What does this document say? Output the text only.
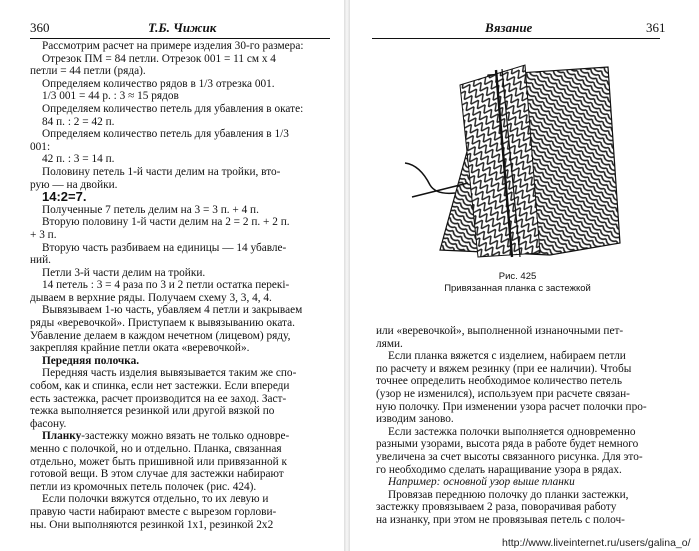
360	Т.Б. Чижик
Рассмотрим расчет на примере изделия 30-го размера:
Отрезок ПМ = 84 петли. Отрезок 001 = 11 см х 4
петли = 44 петли (ряда).
Определяем количество рядов в 1/3 отрезка 001.
1/3 001 = 44 р. : 3 ≈ 15 рядов
Определяем количество петель для убавления в окате:
84 п. : 2 = 42 п.
Определяем количество петель для убавления в 1/3
001:
42 п. : 3 = 14 п.
Половину петель 1-й части делим на тройки, вто-
рую — на двойки.
14:2=7.
Полученные 7 петель делим на 3 = 3 п. + 4 п.
Вторую половину 1-й части делим на 2 = 2 п. + 2 п.
+ 3 п.
Вторую часть разбиваем на единицы — 14 убавле-
ний.
Петли 3-й части делим на тройки.
14 петель : 3 = 4 раза по 3 и 2 петли остатка перекі-
дываем в верхние ряды. Получаем схему 3, 3, 4, 4.
Вывязываем 1-ю часть, убавляем 4 петли и закрываем
ряды «веревочкой». Приступаем к вывязыванию оката.
Убавление делаем в каждом нечетном (лицевом) ряду,
закрепляя крайние петли оката «веревочкой».
Передняя полочка.
Передняя часть изделия вывязывается таким же спо-
собом, как и спинка, если нет застежки. Если впереди
есть застежка, расчет производится на ее заход. Заст-
тежка выполняется резинкой или другой вязкой по
фасону.
Планку-застежку можно вязать не только одновре-
менно с полочкой, но и отдельно. Планка, связанная
отдельно, может быть пришивной или привязанной к
готовой вещи. В этом случае для застежки набирают
петли из кромочных петель полочек (рис. 424).
Если полочки вяжутся отдельно, то их левую и
правую части набирают вместе с вырезом горлови-
ны. Они выполняются резинкой 1х1, резинкой 2х2
Вязание	361
Рис. 425
Привязанная планка с застежкой
или «веревочкой», выполненной изнаночными пет-
лями.
Если планка вяжется с изделием, набираем петли
по расчету и вяжем резинку (при ее наличии). Чтобы
точнее определить необходимое количество петель
(узор не изменился), используем при расчете связан-
ную полочку. При изменении узора расчет полочки про-
изводим заново.
Если застежка полочки выполняется одновременно
разными узорами, высота ряда в работе будет немного
увеличена за счет высоты связанного рисунка. Для это-
го необходимо сделать наращивание узора в рядах.
Например: основной узор выше планки
Провязав переднюю полочку до планки застежки,
застежку провязываем 2 раза, поворачивая работу
на изнанку, при этом не провязывая петель с полоч-
http://www.liveinternet.ru/users/galina_o/
